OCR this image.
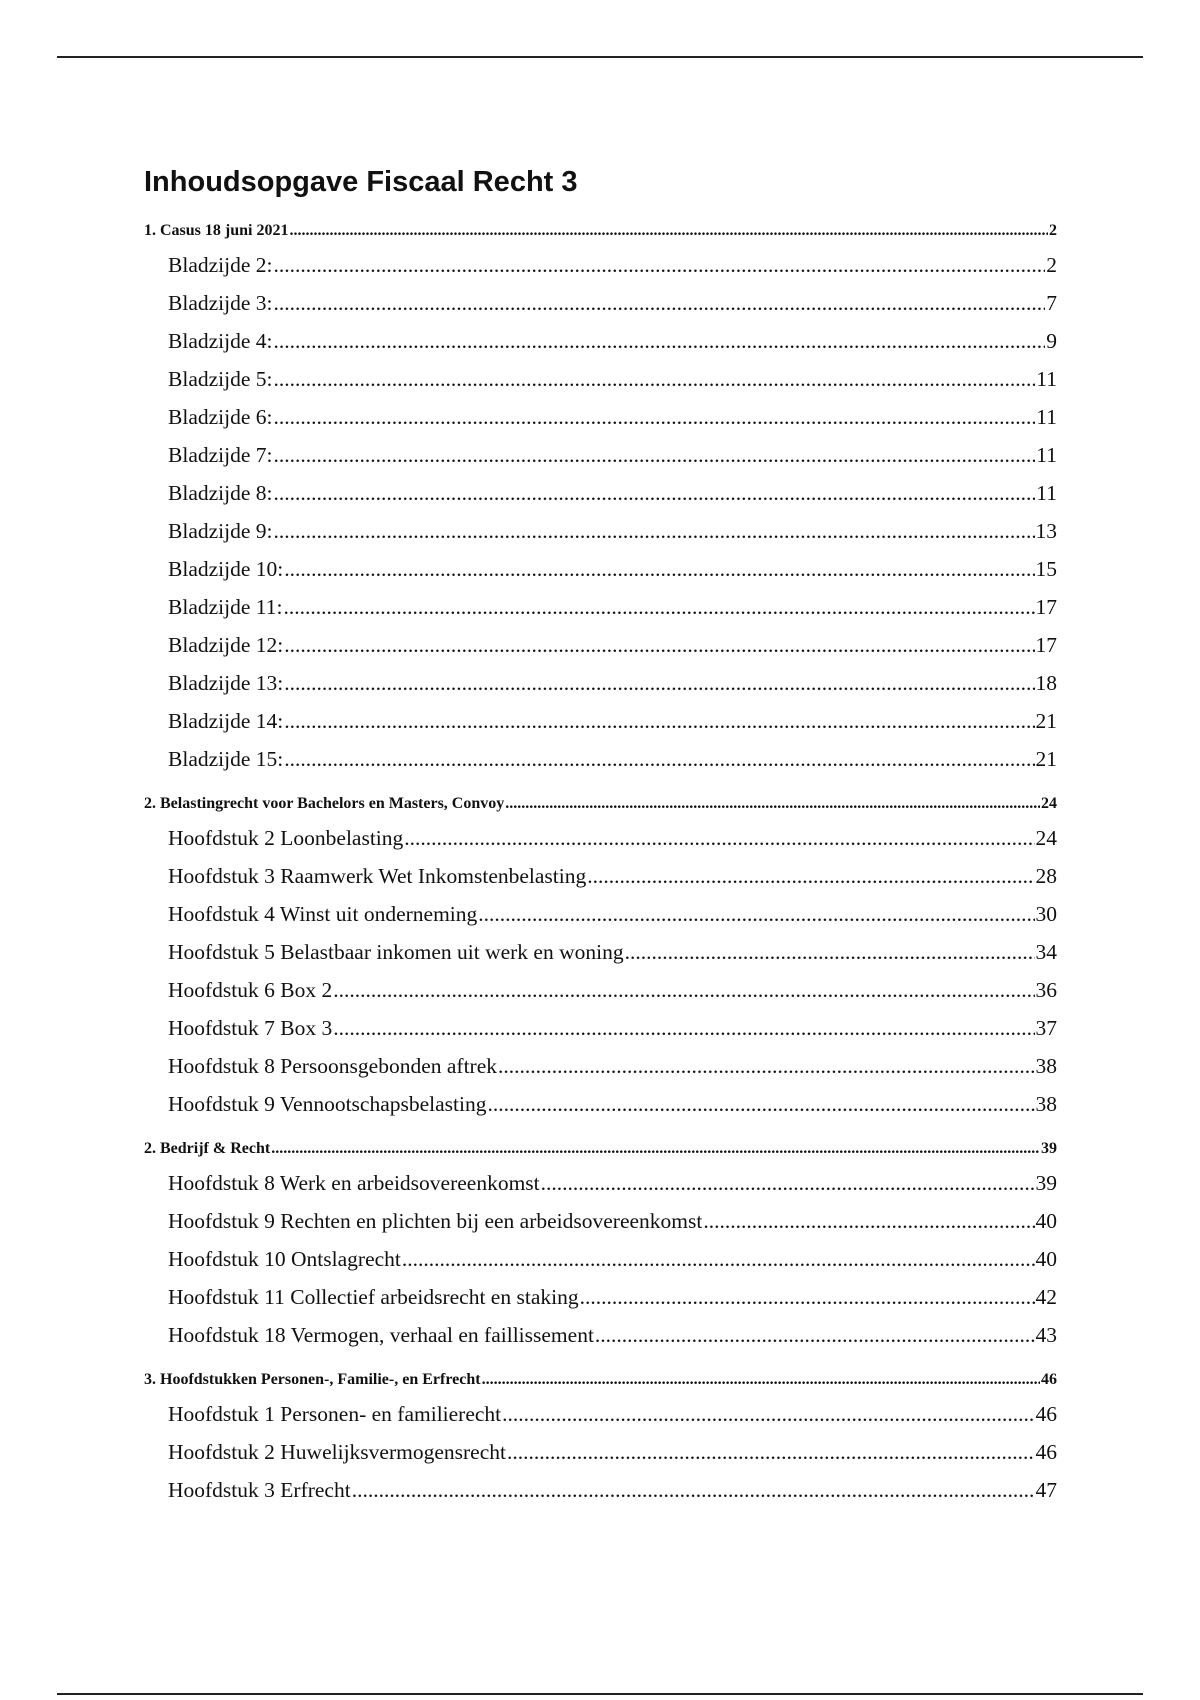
Inhoudsopgave Fiscaal Recht 3
1. Casus 18 juni 2021 .....	2
Bladzijde 2: .....	2
Bladzijde 3: .....	7
Bladzijde 4: .....	9
Bladzijde 5: .....	11
Bladzijde 6: .....	11
Bladzijde 7: .....	11
Bladzijde 8: .....	11
Bladzijde 9: .....	13
Bladzijde 10: .....	15
Bladzijde 11: .....	17
Bladzijde 12: .....	17
Bladzijde 13: .....	18
Bladzijde 14: .....	21
Bladzijde 15: .....	21
2. Belastingrecht voor Bachelors en Masters, Convoy .....	24
Hoofdstuk 2 Loonbelasting .....	24
Hoofdstuk 3 Raamwerk Wet Inkomstenbelasting .....	28
Hoofdstuk 4 Winst uit onderneming .....	30
Hoofdstuk 5 Belastbaar inkomen uit werk en woning .....	34
Hoofdstuk 6 Box 2 .....	36
Hoofdstuk 7 Box 3 .....	37
Hoofdstuk 8 Persoonsgebonden aftrek .....	38
Hoofdstuk 9 Vennootschapsbelasting .....	38
2. Bedrijf & Recht .....	39
Hoofdstuk 8 Werk en arbeidsovereenkomst .....	39
Hoofdstuk 9 Rechten en plichten bij een arbeidsovereenkomst .....	40
Hoofdstuk 10 Ontslagrecht .....	40
Hoofdstuk 11 Collectief arbeidsrecht en staking .....	42
Hoofdstuk 18 Vermogen, verhaal en faillissement .....	43
3. Hoofdstukken Personen-, Familie-, en Erfrecht .....	46
Hoofdstuk 1 Personen- en familierecht .....	46
Hoofdstuk 2 Huwelijksvermogensrecht .....	46
Hoofdstuk 3 Erfrecht .....	47
